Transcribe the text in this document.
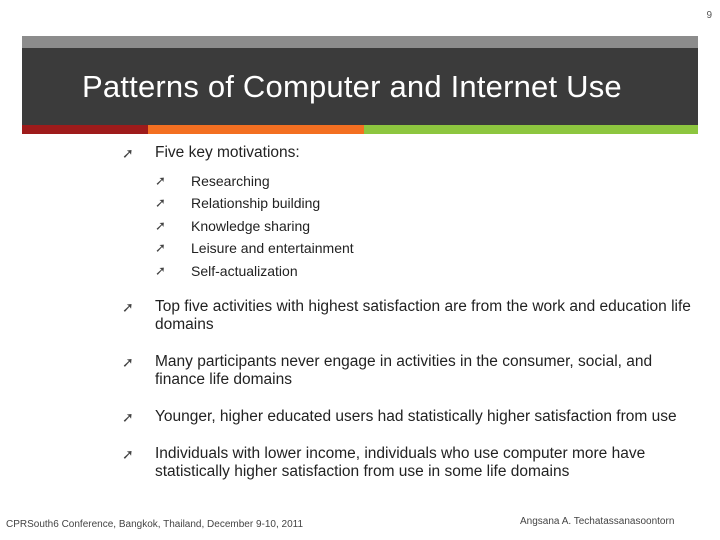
9
Patterns of Computer and Internet Use
➚	Five key motivations:
➚ Researching
➚ Relationship building
➚ Knowledge sharing
➚ Leisure and entertainment
➚ Self-actualization
➚	Top five activities with highest satisfaction are from the work and education life domains
➚	Many participants never engage in activities in the consumer, social, and finance life domains
➚	Younger, higher educated users had statistically higher satisfaction from use
➚	Individuals with lower income, individuals who use computer more have statistically higher satisfaction from use in some life domains
CPRSouth6 Conference, Bangkok, Thailand, December 9-10, 2011	Angsana A. Techatassanasoontorn
